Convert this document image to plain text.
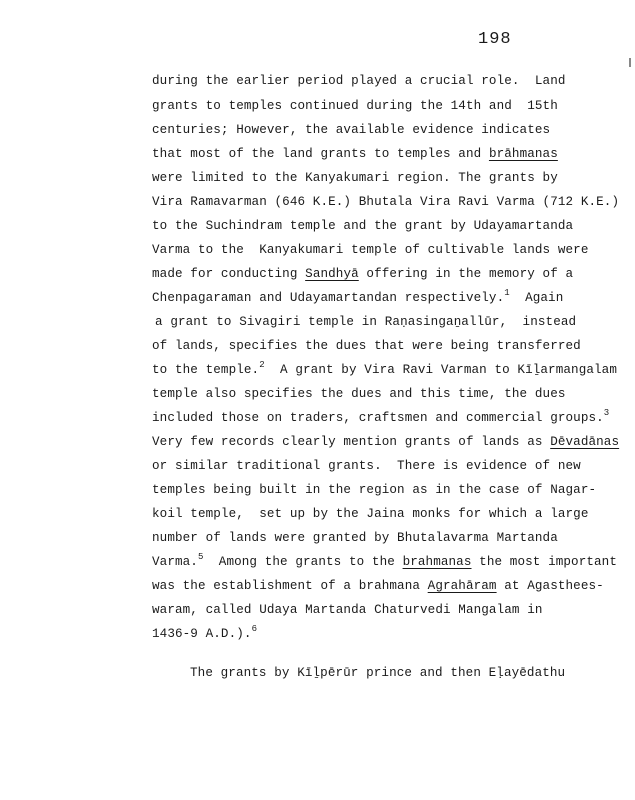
198
during the earlier period played a crucial role.  Land
grants to temples continued during the 14th and  15th
centuries; However, the available evidence indicates
that most of the land grants to temples and brāhmanas
were limited to the Kanyakumari region. The grants by
Vira Ramavarman (646 K.E.) Bhutala Vira Ravi Varma (712 K.E.)
to the Suchindram temple and the grant by Udayamartanda
Varma to the  Kanyakumari temple of cultivable lands were
made for conducting Sandhyā offering in the memory of a
Chenpagaraman and Udayamartandan respectively.$^1$  Again
a grant to Sivagiri temple in Raṇasingaṉallūr,  instead
of lands, specifies the dues that were being transferred
to the temple.$^2$  A grant by Vira Ravi Varman to Kīḻarmangalam
temple also specifies the dues and this time, the dues
included those on traders, craftsmen and commercial groups.$^3$
Very few records clearly mention grants of lands as Dēvadānas
or similar traditional grants.  There is evidence of new
temples being built in the region as in the case of Nagar-
koil temple,  set up by the Jaina monks for which a large
number of lands were granted by Bhutalavarma Martanda
Varma.$^5$  Among the grants to the brahmanas the most important
was the establishment of a brahmana Agrahāram at Agasthees-
waram, called Udaya Martanda Chaturvedi Mangalam in
1436-9 A.D.).$^6$
The grants by Kīḻpērūr prince and then Eḷayēdathu
